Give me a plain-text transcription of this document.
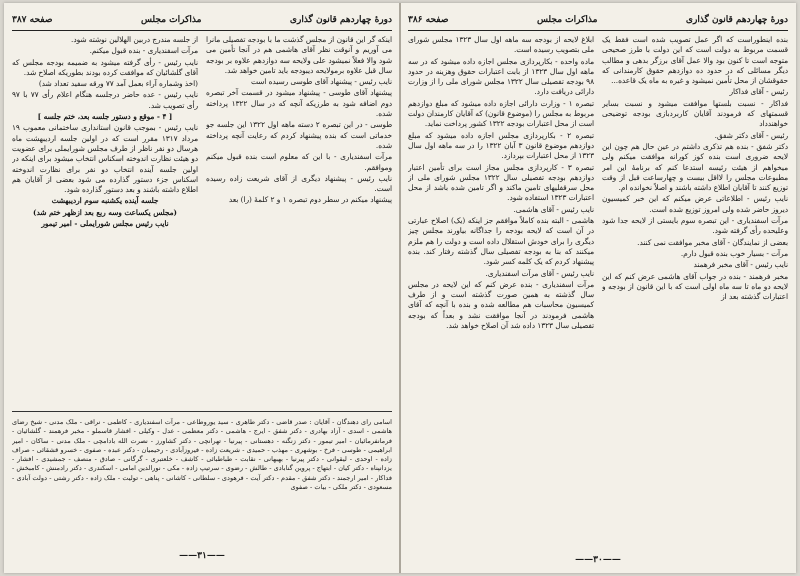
دورهٔ چهاردهم قانون گذاری
مذاکرات مجلس
صفحه ۳۸۷

اینکه گر این قانون از مجلس گذشت ما با بودجه تفصیلی مانرا می آوریم و آنوقت نظر آقای هاشمی هم در آنجا تأمین می شود والا فعلاً نمیشود علی ولایحه سه دوازدهم علاوه بر بودجه سال قبل علاوه برمولایحه دیبودجه باید تامین خواهد شد.

نایب رئیس - پیشنهاد آقای طوسی رسیده است

پیشنهاد آقای طوسی - پیشنهاد میشود در قسمت آخر تبصره دوم اضافه شود به طرزیکه آنچه که در سال ۱۳۲۲ پرداخته شده.

طوسی - در این تبصره ۲ دسته ماهه اول ۱۳۲۲ این جلسه جو خدماتی است که بنده پیشنهاد کردم که رعایت آنچه پرداخته شده.

مرآت اسفندیاری - با این که معلوم است بنده قبول میکنم وموافقم.

نایب رئیس - پیشنهاد دیگری از آقای شریعت زاده رسیده است.

پیشنهاد میکنم در سطر دوم تبصره ۱ و ۲ کلمهٔ (را) بعد

از جلسه مندرج دربین الهلالین نوشته شود.

مرآت اسفندیاری - بنده قبول میکنم.

نایب رئیس - رأی گرفته میشود به ضمیمه بودجه مجلس که آقای گلشائیان که موافقت کرده بودند بطوریکه اصلاح شد.

(اخذ وشماره آراء بعمل آمد ۷۷ ورقه سفید تعداد شد)

نایب رئیس - عده حاضر درجلسه هنگام اعلام رأی ۷۷ با ۹۷ رأی تصویب شد.

[ ۴ - موقع و دستور جلسه بعد، ختم جلسه ]

نایب رئیس - بموجب قانون استانداری ساختمانی معموب ۱۹ مرداد ۱۳۱۷ مقرر است که در اولین جلسه اردیبهشت ماه هرسال دو نفر ناظر از طرف مجلس شورایملی برای عضویت دو هیئت نظارت اندوخته اسکناس انتخاب میشود برای اینکه در اولین جلسه آینده انتخاب دو نفر برای نظارت اندوخته اسکناس جزء دستور گذارده می شود بعضی از آقایان هم اطلاع داشته باشند و بعد دستور گذارده شود.

جلسه آینده یکشنبه سوم اردیبهشت

(مجلس یکساعت وسه ربع بعد ازظهر ختم شد)

نایب رئیس مجلس شورایملی - امیر تیمور

اسامی رای دهندگان - آقایان : صدر قاضی - دکتر طاهری - سید یوروطاعی - مرآت اسفندیاری - کاظمی - نراقی - ملک مدنی - شیخ رضای هاشمی - اسدی - آزاد بهادری - دکتر شفق - ایرج - هاشمی - دکتر معظمی - عدل - وکیلی - افشار قاسملو - مخبر فرهمند - گلشائیان - فرمانفرمائیان - امیر تیمور - دکتر زنگنه - دهستانی - پیرنیا - تهرانچی - دکتر کشاورز - نصرت الله بادامچی - ملک مدنی - ساکان - امیر ابراهیمی - طوسی - فرخ - بوشهری - مهذب - حمیدی - شریعت زاده - فیروزآبادی - رحیمیان - دکتر عبده - صفوی - خسرو قشقائی - صراف زاده - اوحدی - لیقوانی - دکتر پیرنیا - بهبهانی - نقابت - طباطبائی - کاشف - خلعتبری - گرگانی - صادق - منصف - جمشیدی - افشار - یزدانپناه - دکتر کیان - ابتهاج - پروین گنابادی - طالش - رضوی - سرتیپ زاده - مکی - نورالدین امامی - اسکندری - دکتر رادمنش - کامبخش - فداکار - امیر ارجمند - دکتر شفق - مقدم - دکتر آیت - فرهودی - سلطانی - کاشانی - پناهی - تولیت - ملک زاده - دکتر رشتی - دولت آبادی - مسعودی - دکتر ملکی - بیات - صفوی
——۳۱——
دورهٔ چهاردهم قانون گذاری
مذاکرات مجلس
صفحه ۳۸۶

بنده اینطوراست که اگر عمل تصویب شده است فقط یک قسمت مربوط به دولت است که این دولت با طرز صحیحی متوجه است تا کنون بود والا عمل آقای برزگر بدهی و مطالب دیگر مسائلی که در حدود ده دوازدهم حقوق کارمندانی که حقوقشان از محل تأمین نمیشود و غیره به ماه یک قاعده...

رئیس - آقای فداکار

فداکار - نسبت بلستها موافقت میشود و نسبت بسایر قسمتهای که فرمودند آقایان کاربردبازی بودجه توضیحی خواهندداد

رئیس - آقای دکتر شفق.

دکتر شفق - بنده هم تذکری داشتم در عین حال هم چون این لایحه ضروری است بنده کوز کورانه موافقت میکنم ولی میخواهم از هیئت رئیسه استدعا کنم که برنامهٔ این امر مطبوعات مجلس را لااقل بیست و چهارساعت قبل از وقت توزیع کنند تا آقایان اطلاع داشته باشند و اصلاً نخوانده ام.

نایب رئیس - اطلاعاتی عرض میکنم که این خبر کمیسیون دیروز حاضر شده ولی امروز توزیع شده است.

مرآت اسفندیاری - این تبصره سوم بایستی از لایحه جدا شود وعلیحده رأی گرفته شود.

بعضی از نمایندگان - آقای مخبر موافقت نمی کنند.

مرآت - بسیار خوب بنده قبول دارم.

نایب رئیس - آقای مخبر فرهمند

مخبر فرهمند - بنده در جواب آقای هاشمی عرض کنم که این لایحه دو ماه تا سه ماه اولی است که با این قانون از بودجه و اعتبارات گذشته بعد از

ابلاغ لایحه از بودجه سه ماهه اول سال ۱۳۲۳ مجلس شورای ملی بتصویب رسیده است.

ماده واحده - بکارپردازی مجلس اجازه داده میشود که در سه ماهه اول سال ۱۳۲۳ از بابت اعتبارات حقوق وهزینه در حدود ۹۸ بودجه تفصیلی سال ۱۳۲۲ مجلس شورای ملی را از وزارت دارائی دریافت دارد.

تبصره ۱ - وزارت دارائی اجازه داده میشود که مبلغ دوازدهم مربوط به مجلس را (موضوع قانون) که آقایان کارمندان دولت است از محل اعتبارات بودجه ۱۳۲۲ کشور پرداخت نماید.

تبصره ۲ - بکارپردازی مجلس اجازه داده میشود که مبلغ دوازدهم موضوع قانون ۳ آبان ۱۳۲۲ را در سه ماهه اول سال ۱۳۲۳ از محل اعتبارات بپردازد.

تبصره ۳ - کارپردازی مجلس مجاز است برای تأمین اعتبار دوازدهم بودجه تفصیلی سال ۱۳۲۲ مجلس شورای ملی از محل سرقفلیهای تامین ماکند و اگر تامین شده باشد از محل اعتبارات ۱۳۲۳ استفاده شود.

نایب رئیس - آقای هاشمی.

هاشمی - البته بنده کاملاً موافقم جز اینکه (یک) اصلاح عبارتی در آن است که لایحه بودجه را جداگانه بیاورند مجلس چیز دیگری را برای خودش استقلال داده است و دولت را هم ملزم میکنند که بنا به بودجه تفصیلی سال گذشته رفتار کند. بنده پیشنهاد کردم که یک کلمه کسر شود.

نایب رئیس - آقای مرآت اسفندیاری.

مرآت اسفندیاری - بنده عرض کنم که این لایحه در مجلس سال گذشته به همین صورت گذشته است و از طرف کمیسیون محاسبات هم مطالعه شده و بنده با آنچه که آقای هاشمی فرمودند در آنجا موافقت نشد و بعداً که بودجه تفصیلی سال ۱۳۲۳ داده شد آن اصلاح خواهد شد.

——۳۰——
